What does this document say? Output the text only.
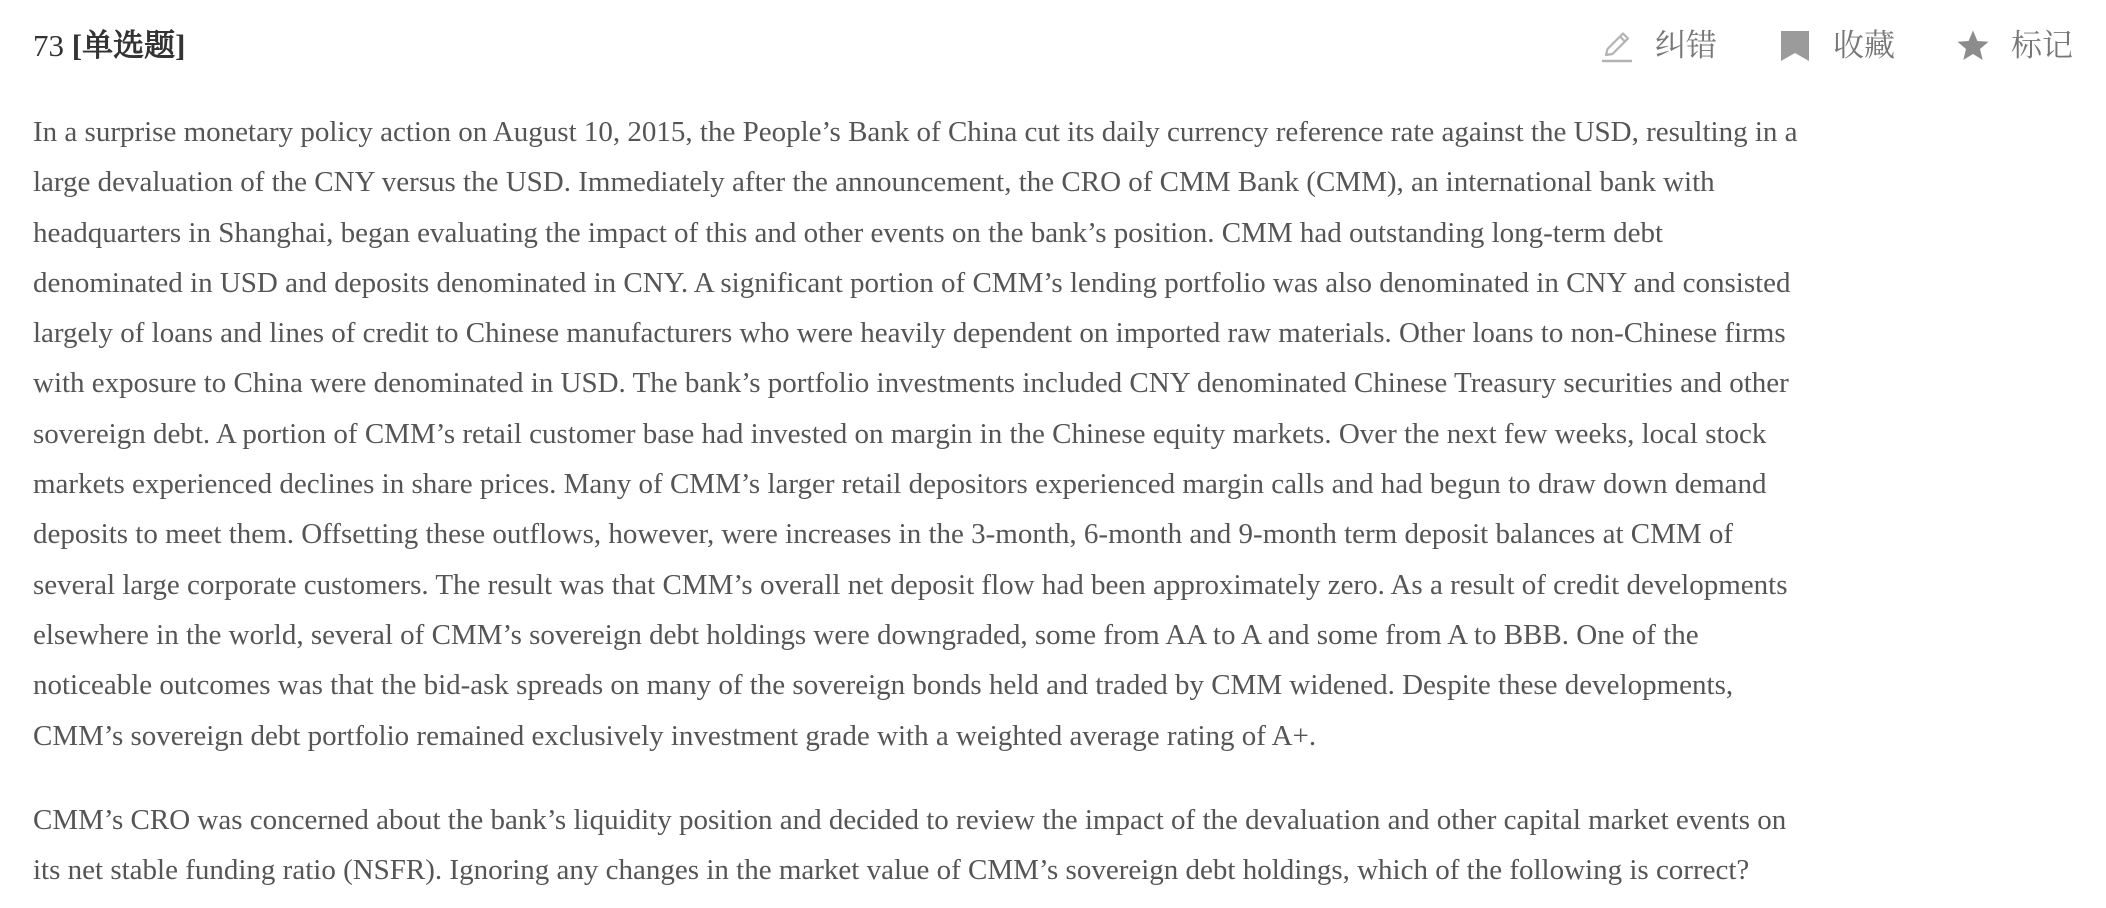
73 [单选题]	纠错	收藏	标记

In a surprise monetary policy action on August 10, 2015, the People’s Bank of China cut its daily currency reference rate against the USD, resulting in a
large devaluation of the CNY versus the USD. Immediately after the announcement, the CRO of CMM Bank (CMM), an international bank with
headquarters in Shanghai, began evaluating the impact of this and other events on the bank’s position. CMM had outstanding long-term debt
denominated in USD and deposits denominated in CNY. A significant portion of CMM’s lending portfolio was also denominated in CNY and consisted
largely of loans and lines of credit to Chinese manufacturers who were heavily dependent on imported raw materials. Other loans to non-Chinese firms
with exposure to China were denominated in USD. The bank’s portfolio investments included CNY denominated Chinese Treasury securities and other
sovereign debt. A portion of CMM’s retail customer base had invested on margin in the Chinese equity markets. Over the next few weeks, local stock
markets experienced declines in share prices. Many of CMM’s larger retail depositors experienced margin calls and had begun to draw down demand
deposits to meet them. Offsetting these outflows, however, were increases in the 3-month, 6-month and 9-month term deposit balances at CMM of
several large corporate customers. The result was that CMM’s overall net deposit flow had been approximately zero. As a result of credit developments
elsewhere in the world, several of CMM’s sovereign debt holdings were downgraded, some from AA to A and some from A to BBB. One of the
noticeable outcomes was that the bid-ask spreads on many of the sovereign bonds held and traded by CMM widened. Despite these developments,
CMM’s sovereign debt portfolio remained exclusively investment grade with a weighted average rating of A+.

CMM’s CRO was concerned about the bank’s liquidity position and decided to review the impact of the devaluation and other capital market events on
its net stable funding ratio (NSFR). Ignoring any changes in the market value of CMM’s sovereign debt holdings, which of the following is correct?
